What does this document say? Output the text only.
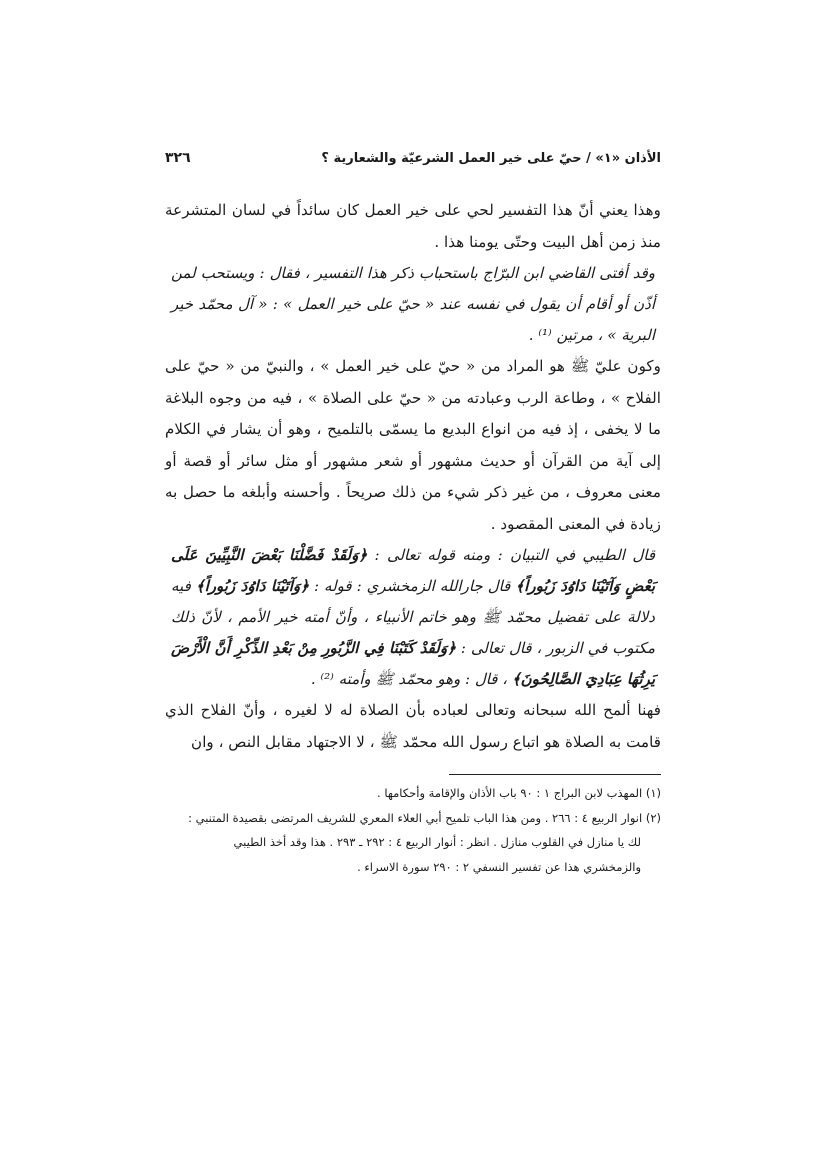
الأذان «١» / حيّ على خير العمل الشرعيّة والشعارية ؟
٣٢٦

وهذا يعني أنّ هذا التفسير لحي على خير العمل كان سائداً في لسان المتشرعة منذ زمن أهل البيت وحتّى يومنا هذا .

وقد أفتى القاضي ابن البرّاج باستحباب ذكر هذا التفسير ، فقال : ويستحب لمن أذّن أو أقام أن يقول في نفسه عند « حيّ على خير العمل » : « آل محمّد خير البرية » ، مرتين ⁽¹⁾ .

وكون عليّ ﷺ هو المراد من « حيّ على خير العمل » ، والنبيّ من « حيّ على الفلاح » ، وطاعة الرب وعبادته من « حيّ على الصلاة » ، فيه من وجوه البلاغة ما لا يخفى ، إذ فيه من انواع البديع ما يسمّى بالتلميح ، وهو أن يشار في الكلام إلى آية من القرآن أو حديث مشهور أو شعر مشهور أو مثل سائر أو قصة أو معنى معروف ، من غير ذكر شيء من ذلك صريحاً . وأحسنه وأبلغه ما حصل به زيادة في المعنى المقصود .

قال الطيبي في التبيان : ومنه قوله تعالى : ﴿وَلَقَدْ فَضَّلْنَا بَعْضَ النَّبِيِّينَ عَلَى بَعْضٍ وَآتَيْنَا دَاوُدَ زَبُوراً﴾ قال جارالله الزمخشري : قوله : ﴿وَآتَيْنَا دَاوُدَ زَبُوراً﴾ فيه دلالة على تفضيل محمّد ﷺ وهو خاتم الأنبياء ، وأنّ أمته خير الأمم ، لأنّ ذلك مكتوب في الزبور ، قال تعالى : ﴿وَلَقَدْ كَتَبْنَا فِي الزَّبُورِ مِنْ بَعْدِ الذِّكْرِ أَنَّ الْأَرْضَ يَرِثُهَا عِبَادِيَ الصَّالِحُونَ﴾ ، قال : وهو محمّد ﷺ وأمته ⁽²⁾ .

فهنا ألمح الله سبحانه وتعالى لعباده بأن الصلاة له لا لغيره ، وأنّ الفلاح الذي قامت به الصلاة هو اتباع رسول الله محمّد ﷺ ، لا الاجتهاد مقابل النص ، وان

(١) المهذب لابن البراج ١ : ٩٠ باب الأذان والإقامة وأحكامها .

(٢) انوار الربيع ٤ : ٢٦٦ . ومن هذا الباب تلميح أبي العلاء المعري للشريف المرتضى بقصيدة المتنبي :

لك يا منازل في القلوب منازل . انظر : أنوار الربيع ٤ : ٢٩٢ ـ ٢٩٣ . هذا وقد أخذ الطيبي

والزمخشري هذا عن تفسير النسفي ٢ : ٢٩٠ سورة الاسراء .
